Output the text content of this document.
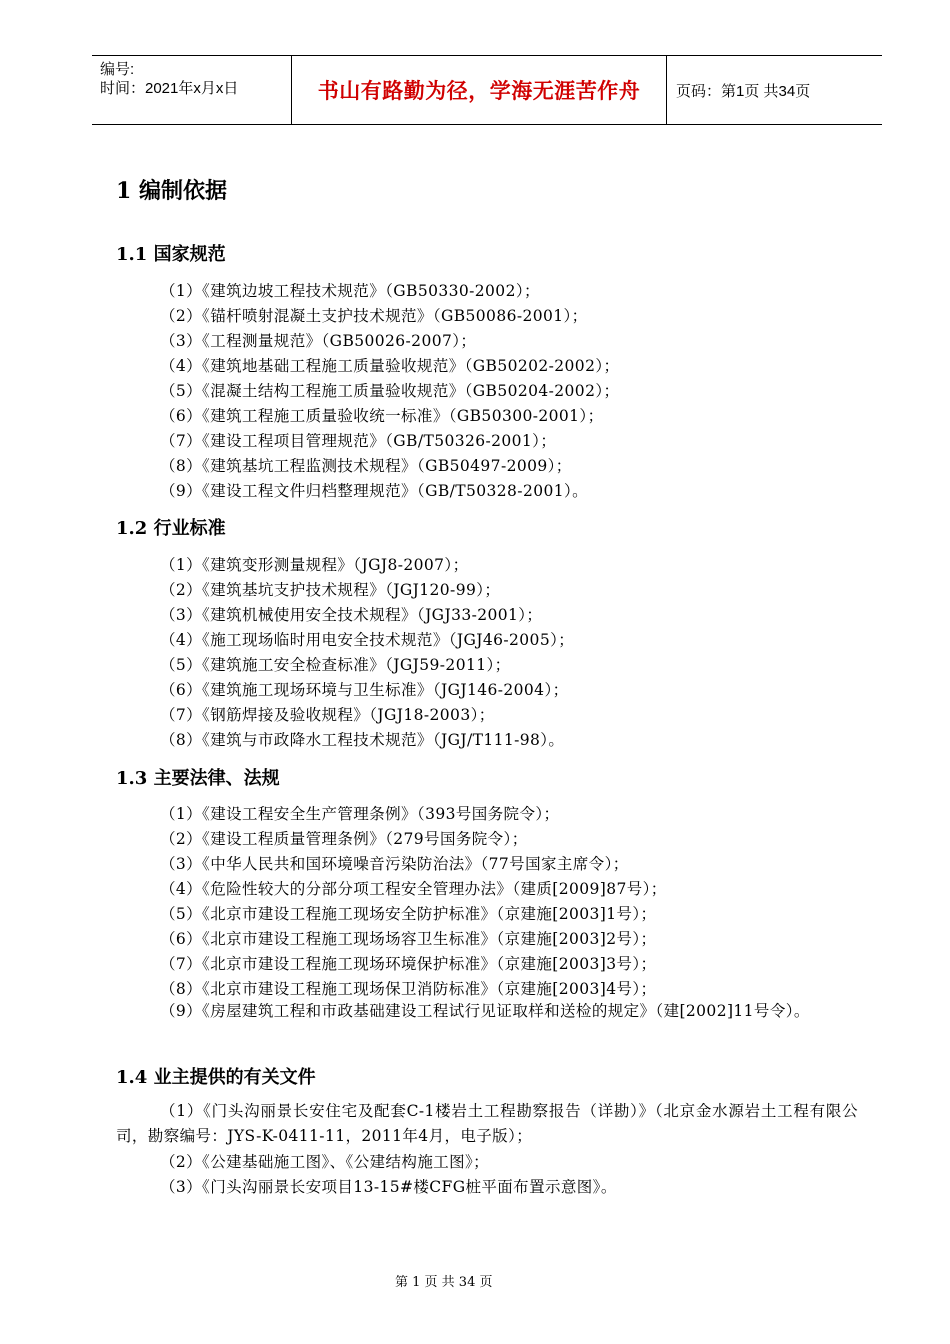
编号:
时间：2021年x月x日	书山有路勤为径，学海无涯苦作舟	页码：第1页 共34页
1 编制依据
1.1 国家规范
（1）《建筑边坡工程技术规范》（GB50330-2002）；
（2）《锚杆喷射混凝土支护技术规范》（GB50086-2001）；
（3）《工程测量规范》（GB50026-2007）；
（4）《建筑地基础工程施工质量验收规范》（GB50202-2002）；
（5）《混凝土结构工程施工质量验收规范》（GB50204-2002）；
（6）《建筑工程施工质量验收统一标准》（GB50300-2001）；
（7）《建设工程项目管理规范》（GB/T50326-2001）；
（8）《建筑基坑工程监测技术规程》（GB50497-2009）；
（9）《建设工程文件归档整理规范》（GB/T50328-2001）。
1.2 行业标准
（1）《建筑变形测量规程》（JGJ8-2007）；
（2）《建筑基坑支护技术规程》（JGJ120-99）；
（3）《建筑机械使用安全技术规程》（JGJ33-2001）；
（4）《施工现场临时用电安全技术规范》（JGJ46-2005）；
（5）《建筑施工安全检查标准》（JGJ59-2011）；
（6）《建筑施工现场环境与卫生标准》（JGJ146-2004）；
（7）《钢筋焊接及验收规程》（JGJ18-2003）；
（8）《建筑与市政降水工程技术规范》（JGJ/T111-98）。
1.3 主要法律、法规
（1）《建设工程安全生产管理条例》（393号国务院令）；
（2）《建设工程质量管理条例》（279号国务院令）；
（3）《中华人民共和国环境噪音污染防治法》（77号国家主席令）；
（4）《危险性较大的分部分项工程安全管理办法》（建质[2009]87号）；
（5）《北京市建设工程施工现场安全防护标准》（京建施[2003]1号）；
（6）《北京市建设工程施工现场场容卫生标准》（京建施[2003]2号）；
（7）《北京市建设工程施工现场环境保护标准》（京建施[2003]3号）；
（8）《北京市建设工程施工现场保卫消防标准》（京建施[2003]4号）；
（9）《房屋建筑工程和市政基础建设工程试行见证取样和送检的规定》（建[2002]11号令）。
1.4 业主提供的有关文件
（1）《门头沟丽景长安住宅及配套C-1楼岩土工程勘察报告（详勘）》（北京金水源岩土工程有限公司，勘察编号：JYS-K-0411-11，2011年4月，电子版）；
（2）《公建基础施工图》、《公建结构施工图》；
（3）《门头沟丽景长安项目13-15#楼CFG桩平面布置示意图》。
第 1 页 共 34 页
